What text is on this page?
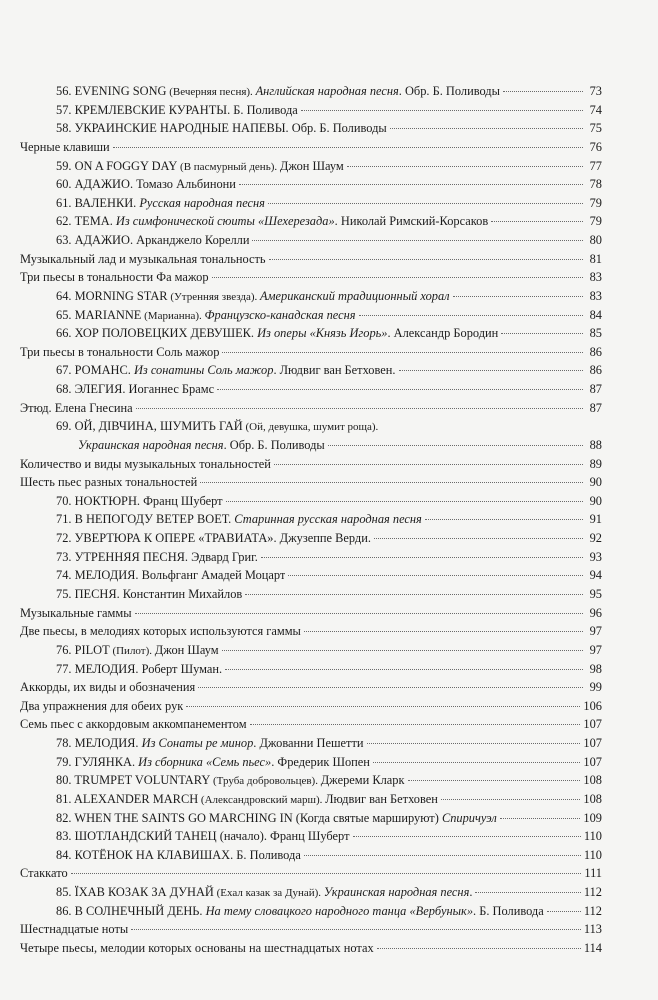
56. EVENING SONG (Вечерняя песня). Английская народная песня. Обр. Б. Поливоды	73
57. КРЕМЛЕВСКИЕ КУРАНТЫ. Б. Поливода	74
58. УКРАИНСКИЕ НАРОДНЫЕ НАПЕВЫ. Обр. Б. Поливоды	75
Черные клавиши	76
59. ON A FOGGY DAY (В пасмурный день). Джон Шаум	77
60. АДАЖИО. Томазо Альбинони	78
61. ВАЛЕНКИ. Русская народная песня	79
62. ТЕМА. Из симфонической сюиты «Шехерезада». Николай Римский-Корсаков	79
63. АДАЖИО. Арканджело Корелли	80
Музыкальный лад и музыкальная тональность	81
Три пьесы в тональности Фа мажор	83
64. MORNING STAR (Утренняя звезда). Американский традиционный хорал	83
65. MARIANNE (Марианна). Французско-канадская песня	84
66. ХОР ПОЛОВЕЦКИХ ДЕВУШЕК. Из оперы «Князь Игорь». Александр Бородин	85
Три пьесы в тональности Соль мажор	86
67. РОМАНС. Из сонатины Соль мажор. Людвиг ван Бетховен.	86
68. ЭЛЕГИЯ. Иоганнес Брамс	87
Этюд. Елена Гнесина	87
69. ОЙ, ДІВЧИНА, ШУМИТЬ ГАЙ (Ой, девушка, шумит роща).
Украинская народная песня. Обр. Б. Поливоды	88
Количество и виды музыкальных тональностей	89
Шесть пьес разных тональностей	90
70. НОКТЮРН. Франц Шуберт	90
71. В НЕПОГОДУ ВЕТЕР ВОЕТ. Старинная русская народная песня	91
72. УВЕРТЮРА К ОПЕРЕ «ТРАВИАТА». Джузеппе Верди.	92
73. УТРЕННЯЯ ПЕСНЯ. Эдвард Григ.	93
74. МЕЛОДИЯ. Вольфганг Амадей Моцарт	94
75. ПЕСНЯ. Константин Михайлов	95
Музыкальные гаммы	96
Две пьесы, в мелодиях которых используются гаммы	97
76. PILOT (Пилот). Джон Шаум	97
77. МЕЛОДИЯ. Роберт Шуман.	98
Аккорды, их виды и обозначения	99
Два упражнения для обеих рук	106
Семь пьес с аккордовым аккомпанементом	107
78. МЕЛОДИЯ. Из Сонаты ре минор. Джованни Пешетти	107
79. ГУЛЯНКА. Из сборника «Семь пьес». Фредерик Шопен	107
80. TRUMPET VOLUNTARY (Труба добровольцев). Джереми Кларк	108
81. ALEXANDER MARCH (Александровский марш). Людвиг ван Бетховен	108
82. WHEN THE SAINTS GO MARCHING IN (Когда святые маршируют) Спиричуэл	109
83. ШОТЛАНДСКИЙ ТАНЕЦ (начало). Франц Шуберт	110
84. КОТЁНОК НА КЛАВИШАХ. Б. Поливода	110
Стаккато	111
85. ЇХАВ КОЗАК ЗА ДУНАЙ (Ехал казак за Дунай). Украинская народная песня.	112
86. В СОЛНЕЧНЫЙ ДЕНЬ. На тему словацкого народного танца «Вербунык». Б. Поливода	112
Шестнадцатые ноты	113
Четыре пьесы, мелодии которых основаны на шестнадцатых нотах	114
